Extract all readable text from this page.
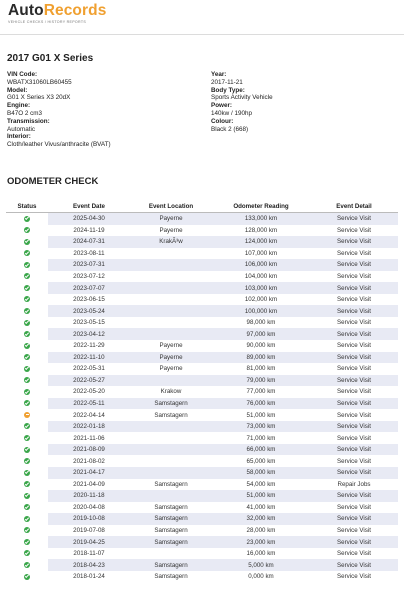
AutoRecords
VEHICLE CHECKS / HISTORY REPORTS
2017 G01 X Series
VIN Code:
WBATX31060LB60455
Model:
G01 X Series X3 20dX
Engine:
B47O 2 cm3
Transmission:
Automatic
Interior:
Cloth/leather Vivus/anthracite (BVAT)
Year:
2017-11-21
Body Type:
Sports Activity Vehicle
Power:
140kw / 190hp
Colour:
Black 2 (668)
ODOMETER CHECK
Status	Event Date	Event Location	Odometer Reading	Event Detail
	2025-04-30	Payerne	133,000 km	Service Visit
	2024-11-19	Payerne	128,000 km	Service Visit
	2024-07-31	KrakÃ³w	124,000 km	Service Visit
	2023-08-11		107,000 km	Service Visit
	2023-07-31		106,000 km	Service Visit
	2023-07-12		104,000 km	Service Visit
	2023-07-07		103,000 km	Service Visit
	2023-06-15		102,000 km	Service Visit
	2023-05-24		100,000 km	Service Visit
	2023-05-15		98,000 km	Service Visit
	2023-04-12		97,000 km	Service Visit
	2022-11-29	Payerne	90,000 km	Service Visit
	2022-11-10	Payerne	89,000 km	Service Visit
	2022-05-31	Payerne	81,000 km	Service Visit
	2022-05-27		79,000 km	Service Visit
	2022-05-20	Krakow	77,000 km	Service Visit
	2022-05-11	Samstagern	76,000 km	Service Visit
	2022-04-14	Samstagern	51,000 km	Service Visit
	2022-01-18		73,000 km	Service Visit
	2021-11-06		71,000 km	Service Visit
	2021-08-09		66,000 km	Service Visit
	2021-08-02		65,000 km	Service Visit
	2021-04-17		58,000 km	Service Visit
	2021-04-09	Samstagern	54,000 km	Repair Jobs
	2020-11-18		51,000 km	Service Visit
	2020-04-08	Samstagern	41,000 km	Service Visit
	2019-10-08	Samstagern	32,000 km	Service Visit
	2019-07-08	Samstagern	28,000 km	Service Visit
	2019-04-25	Samstagern	23,000 km	Service Visit
	2018-11-07		16,000 km	Service Visit
	2018-04-23	Samstagern	5,000 km	Service Visit
	2018-01-24	Samstagern	0,000 km	Service Visit
